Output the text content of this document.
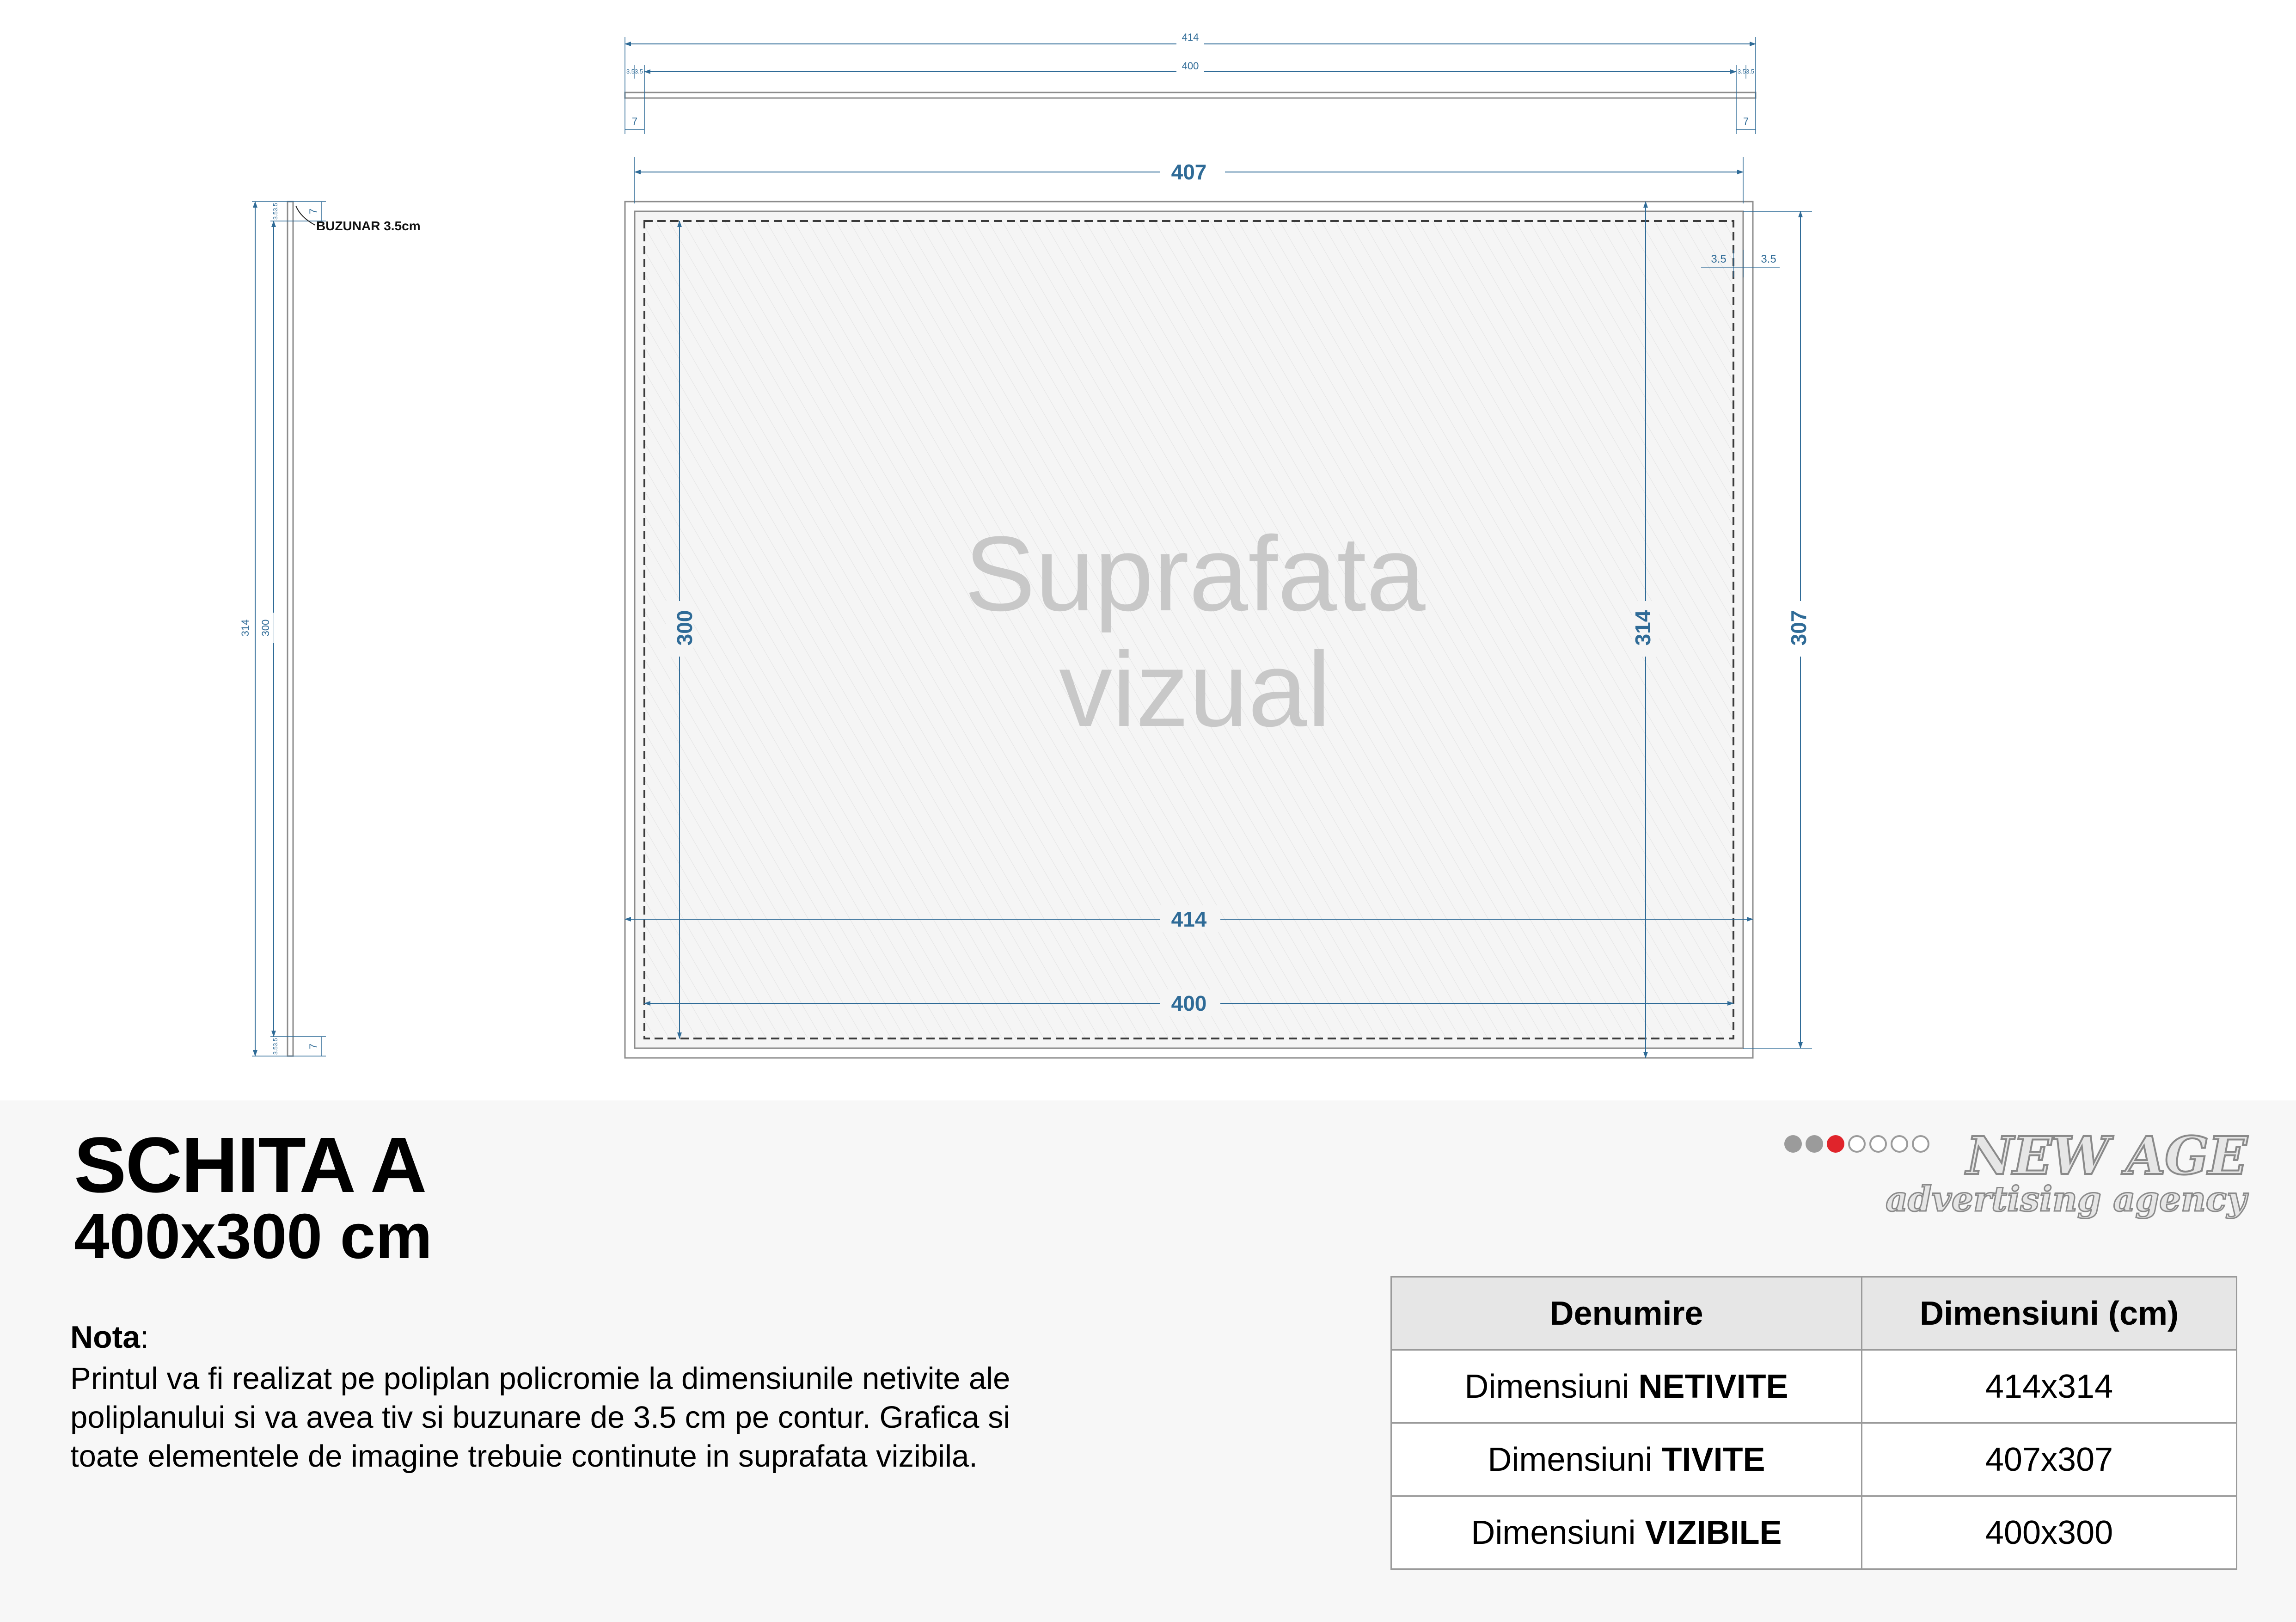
414
400
3.53.5	3.53.5
7	7
314 300
3.53.5
3.53.5
7
7
BUZUNAR 3.5cm
Suprafata
vizual
407
414
400
300	314	307
3.5	3.5
SCHITA A
400x300 cm
Nota:
Printul va fi realizat pe poliplan policromie la dimensiunile netivite ale poliplanului si va avea tiv si buzunare de 3.5 cm pe contur. Grafica si toate elementele de imagine trebuie continute in suprafata vizibila.
Denumire	Dimensiuni (cm)
Dimensiuni NETIVITE	414x314
Dimensiuni TIVITE	407x307
Dimensiuni VIZIBILE	400x300
NEW AGE
advertising agency
